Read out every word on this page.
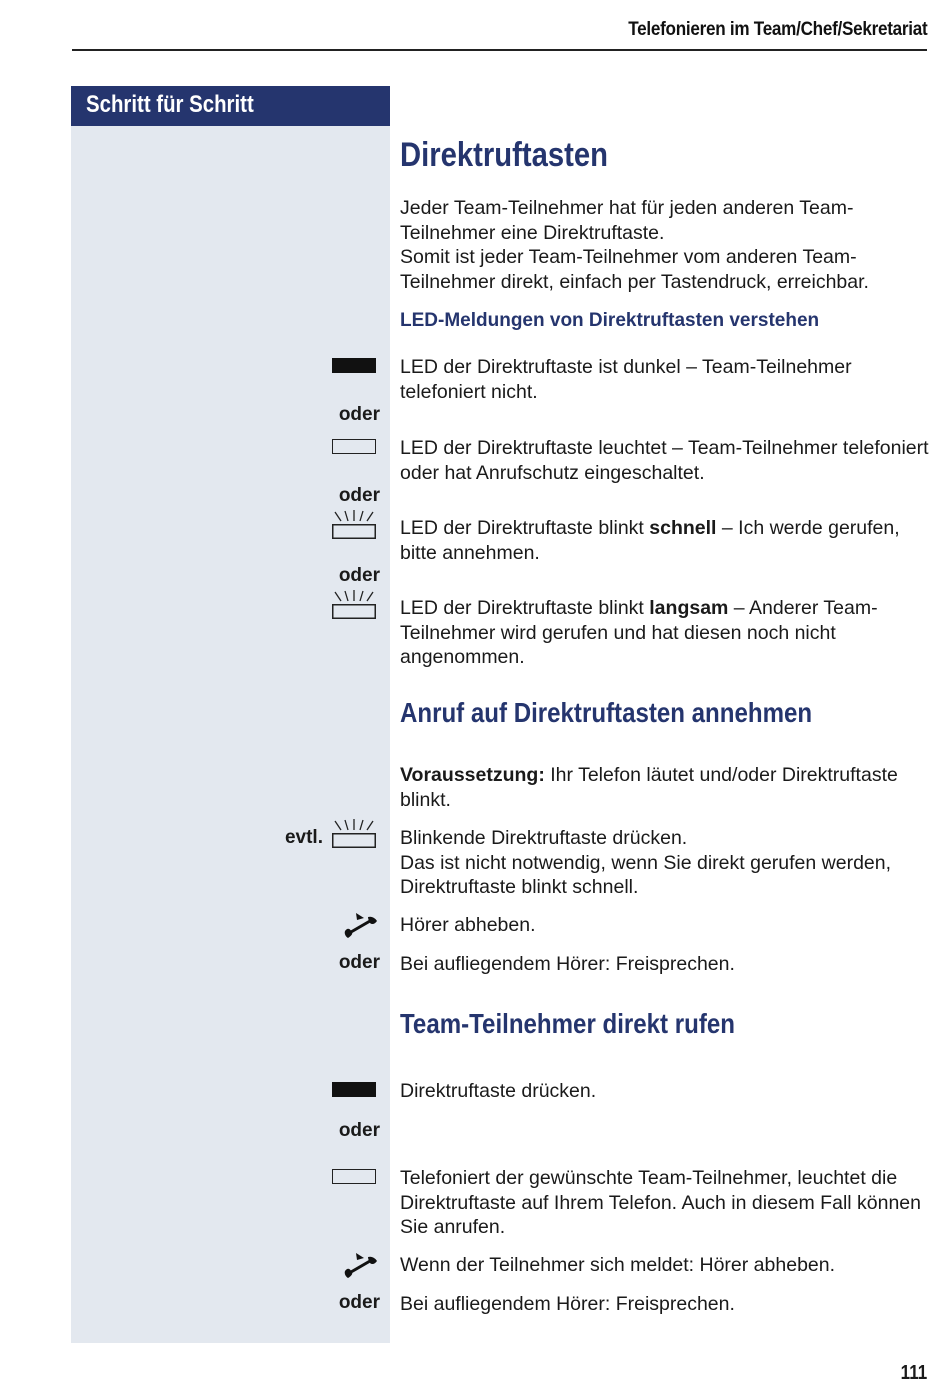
Telefonieren im Team/Chef/Sekretariat
Schritt für Schritt
Direktruftasten
Jeder Team-Teilnehmer hat für jeden anderen Team-Teilnehmer eine Direktruftaste.
Somit ist jeder Team-Teilnehmer vom anderen Team-Teilnehmer direkt, einfach per Tastendruck, erreichbar.
LED-Meldungen von Direktruftasten verstehen
LED der Direktruftaste ist dunkel – Team-Teilnehmer telefoniert nicht.
oder
LED der Direktruftaste leuchtet – Team-Teilnehmer telefoniert oder hat Anrufschutz eingeschaltet.
oder
LED der Direktruftaste blinkt schnell – Ich werde gerufen, bitte annehmen.
oder
LED der Direktruftaste blinkt langsam – Anderer Team-Teilnehmer wird gerufen und hat diesen noch nicht angenommen.
Anruf auf Direktruftasten annehmen
Voraussetzung: Ihr Telefon läutet und/oder Direktruftaste blinkt.
evtl.	Blinkende Direktruftaste drücken.
Das ist nicht notwendig, wenn Sie direkt gerufen werden, Direktruftaste blinkt schnell.
Hörer abheben.
oder Bei aufliegendem Hörer: Freisprechen.
Team-Teilnehmer direkt rufen
Direktruftaste drücken.
oder
Telefoniert der gewünschte Team-Teilnehmer, leuchtet die Direktruftaste auf Ihrem Telefon. Auch in diesem Fall können Sie anrufen.
Wenn der Teilnehmer sich meldet: Hörer abheben.
oder Bei aufliegendem Hörer: Freisprechen.
111
